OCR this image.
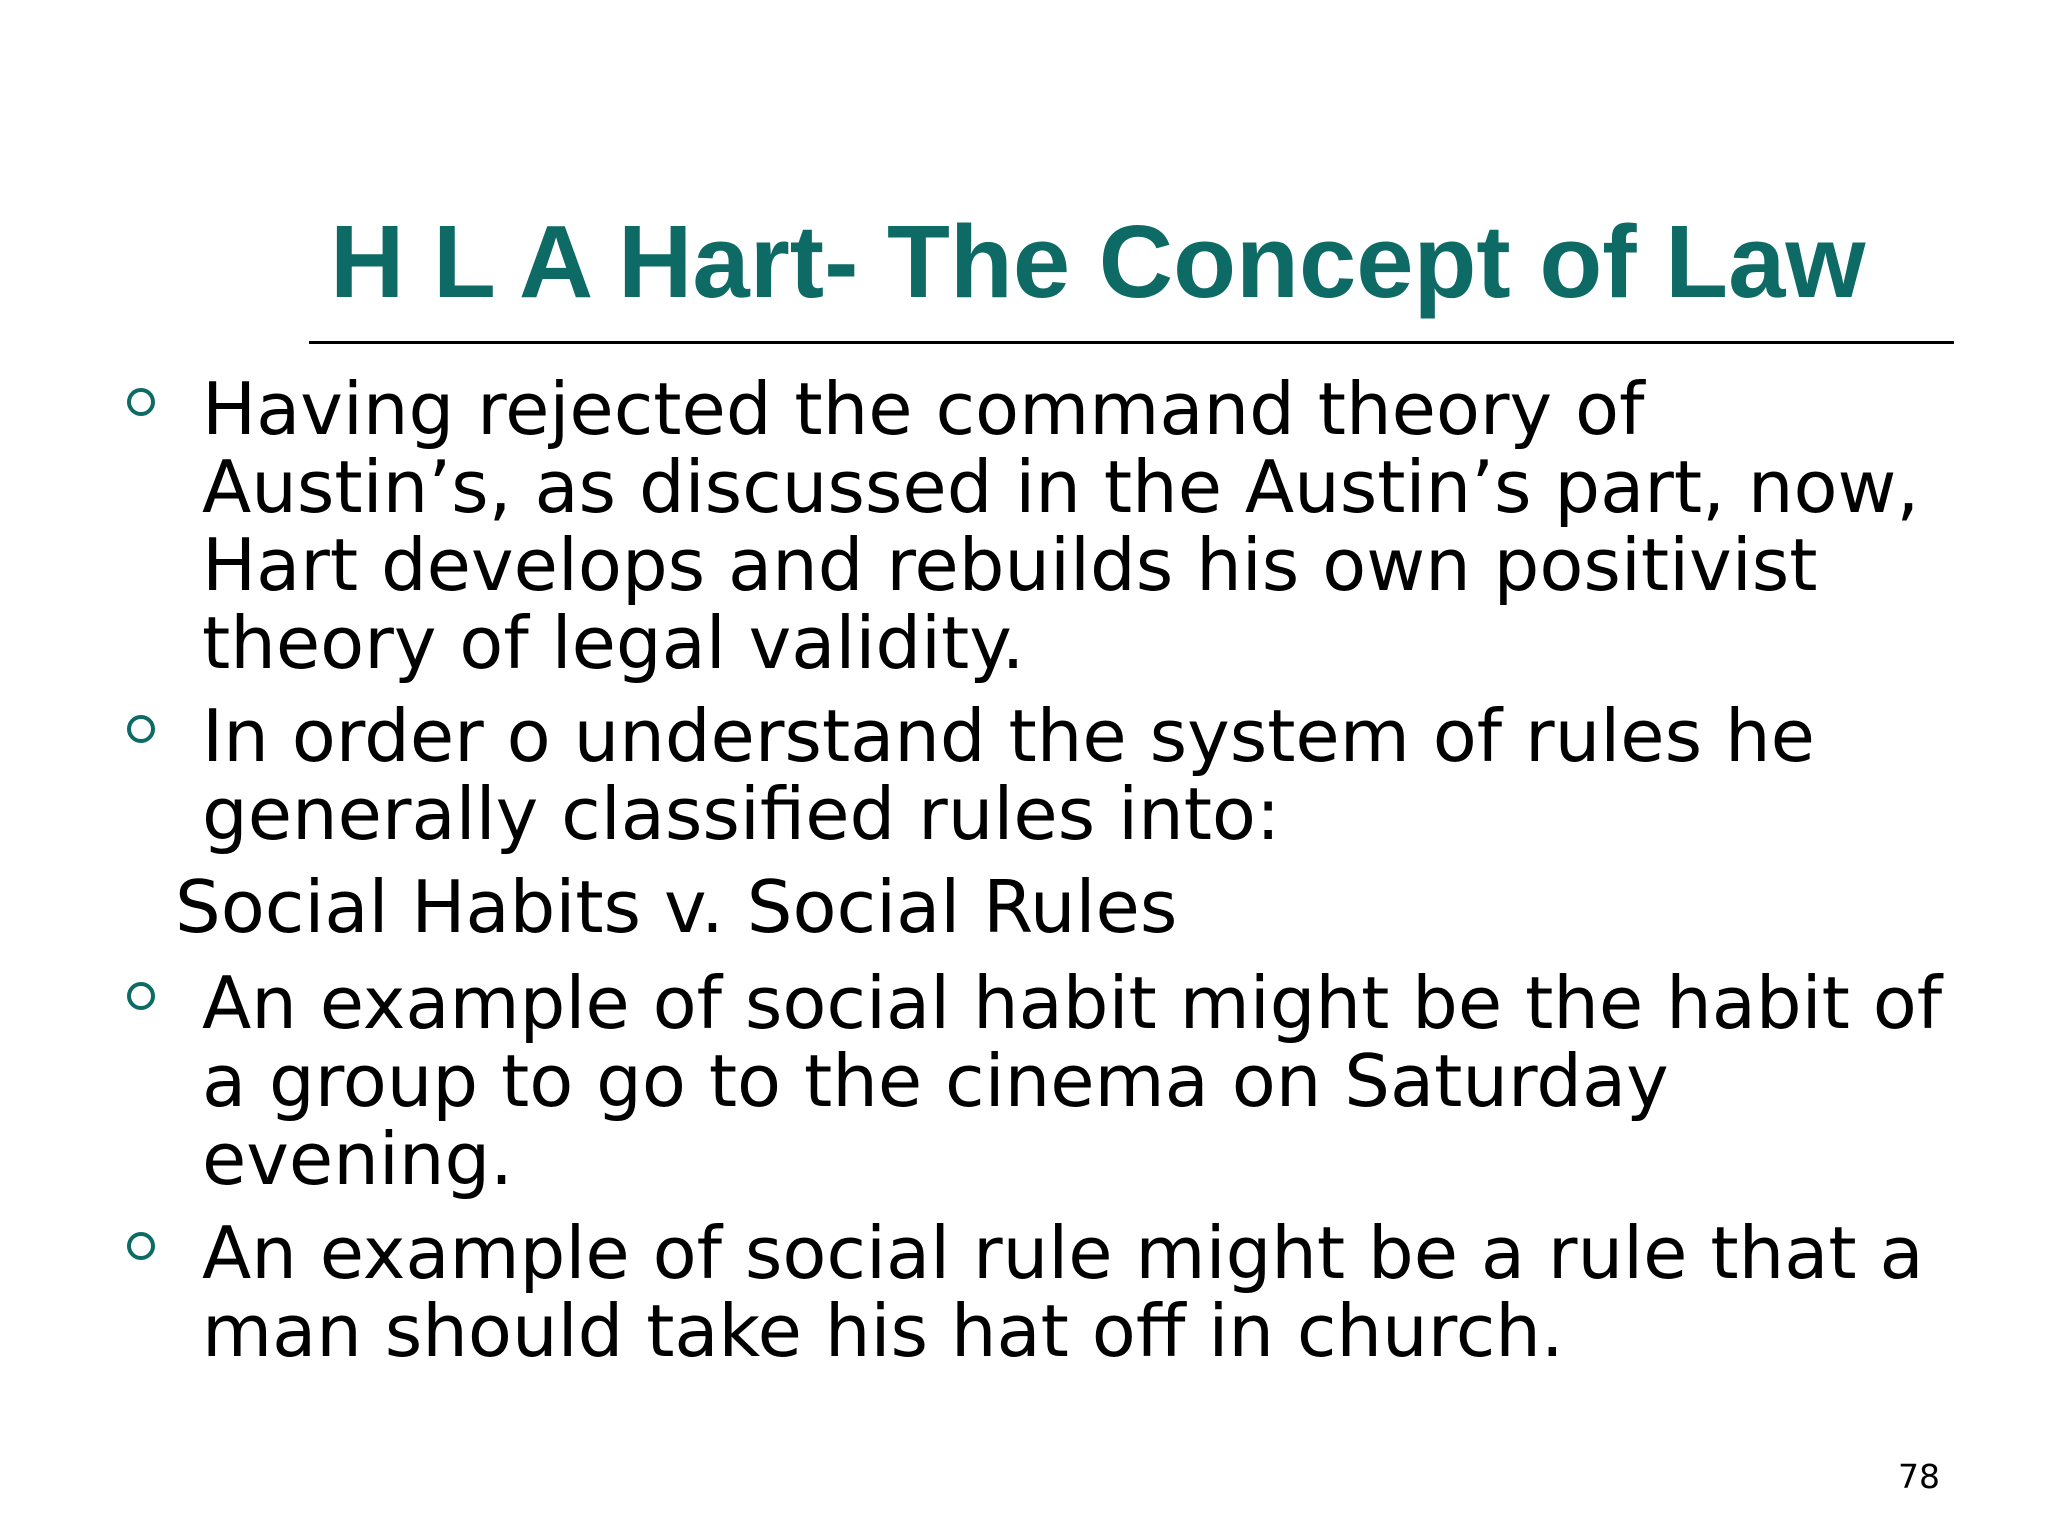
H L A Hart- The Concept of Law

Having rejected the command theory of Austin’s, as discussed in the Austin’s part, now, Hart develops and rebuilds his own positivist theory of legal validity.

In order o understand the system of rules he generally classified rules into:

Social Habits v. Social Rules

An example of social habit might be the habit of a group to go to the cinema on Saturday evening.

An example of social rule might be a rule that a man should take his hat off in church.

78
